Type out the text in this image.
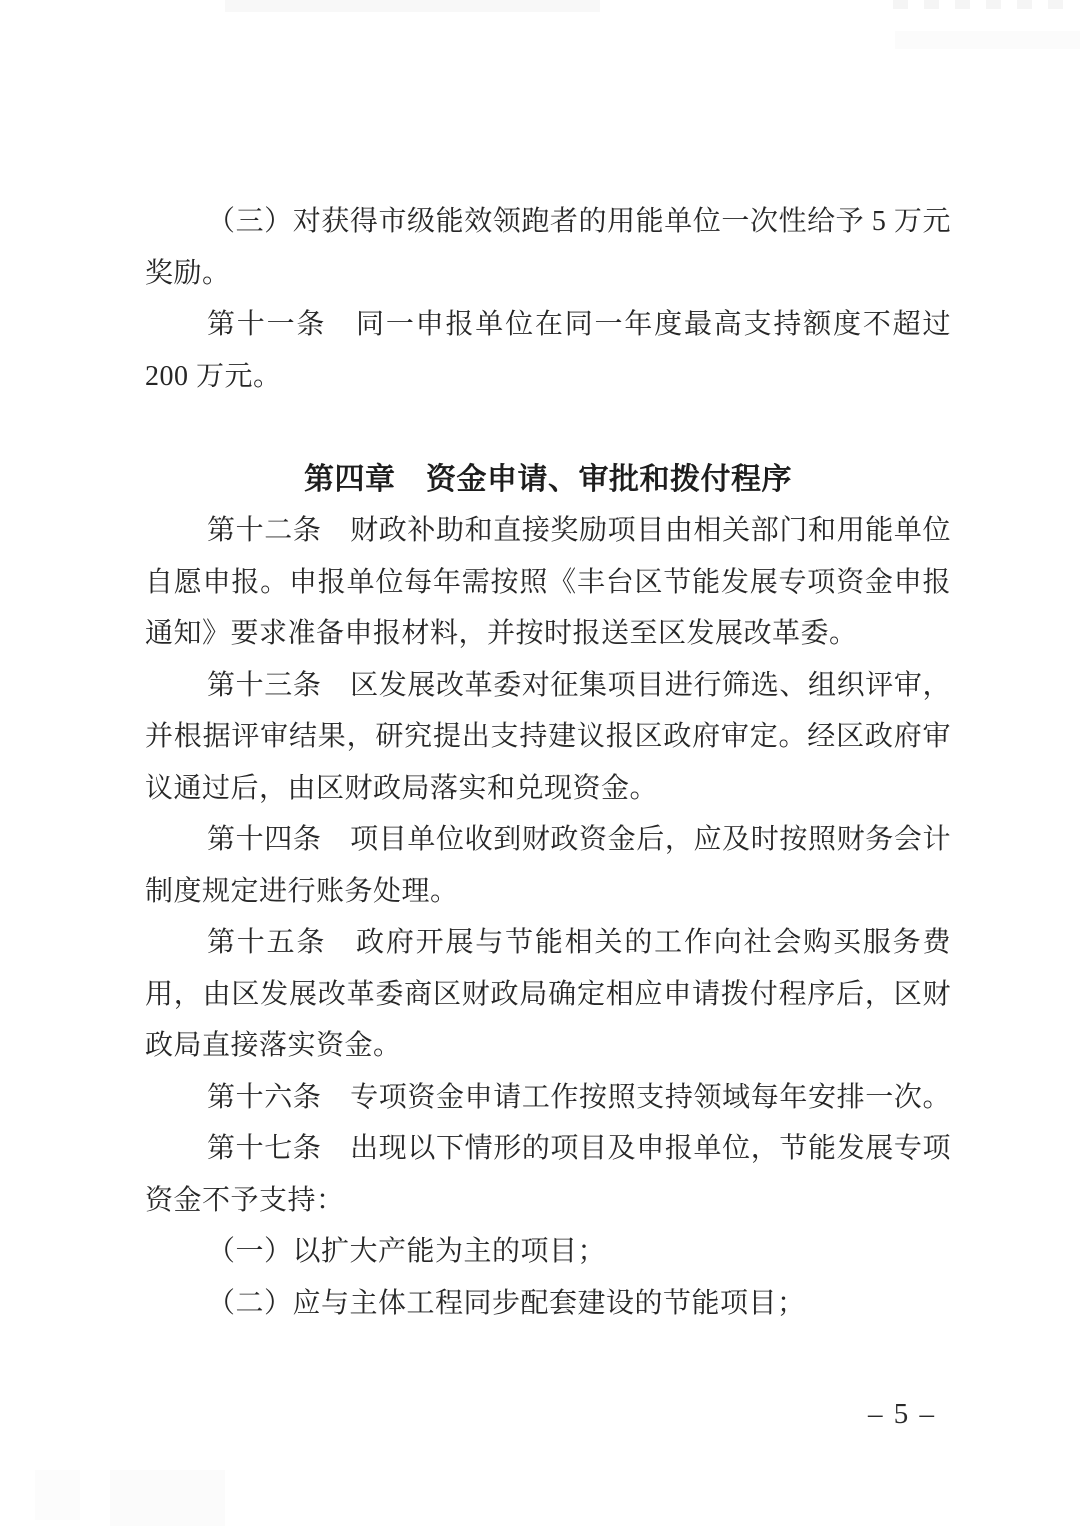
（三）对获得市级能效领跑者的用能单位一次性给予 5 万元
奖励。
第十一条　同一申报单位在同一年度最高支持额度不超过
200 万元。
第四章　资金申请、审批和拨付程序
第十二条　财政补助和直接奖励项目由相关部门和用能单位
自愿申报。申报单位每年需按照《丰台区节能发展专项资金申报
通知》要求准备申报材料，并按时报送至区发展改革委。
第十三条　区发展改革委对征集项目进行筛选、组织评审，
并根据评审结果，研究提出支持建议报区政府审定。经区政府审
议通过后，由区财政局落实和兑现资金。
第十四条　项目单位收到财政资金后，应及时按照财务会计
制度规定进行账务处理。
第十五条　政府开展与节能相关的工作向社会购买服务费
用，由区发展改革委商区财政局确定相应申请拨付程序后，区财
政局直接落实资金。
第十六条　专项资金申请工作按照支持领域每年安排一次。
第十七条　出现以下情形的项目及申报单位，节能发展专项
资金不予支持：
（一）以扩大产能为主的项目；
（二）应与主体工程同步配套建设的节能项目；
– 5 –
